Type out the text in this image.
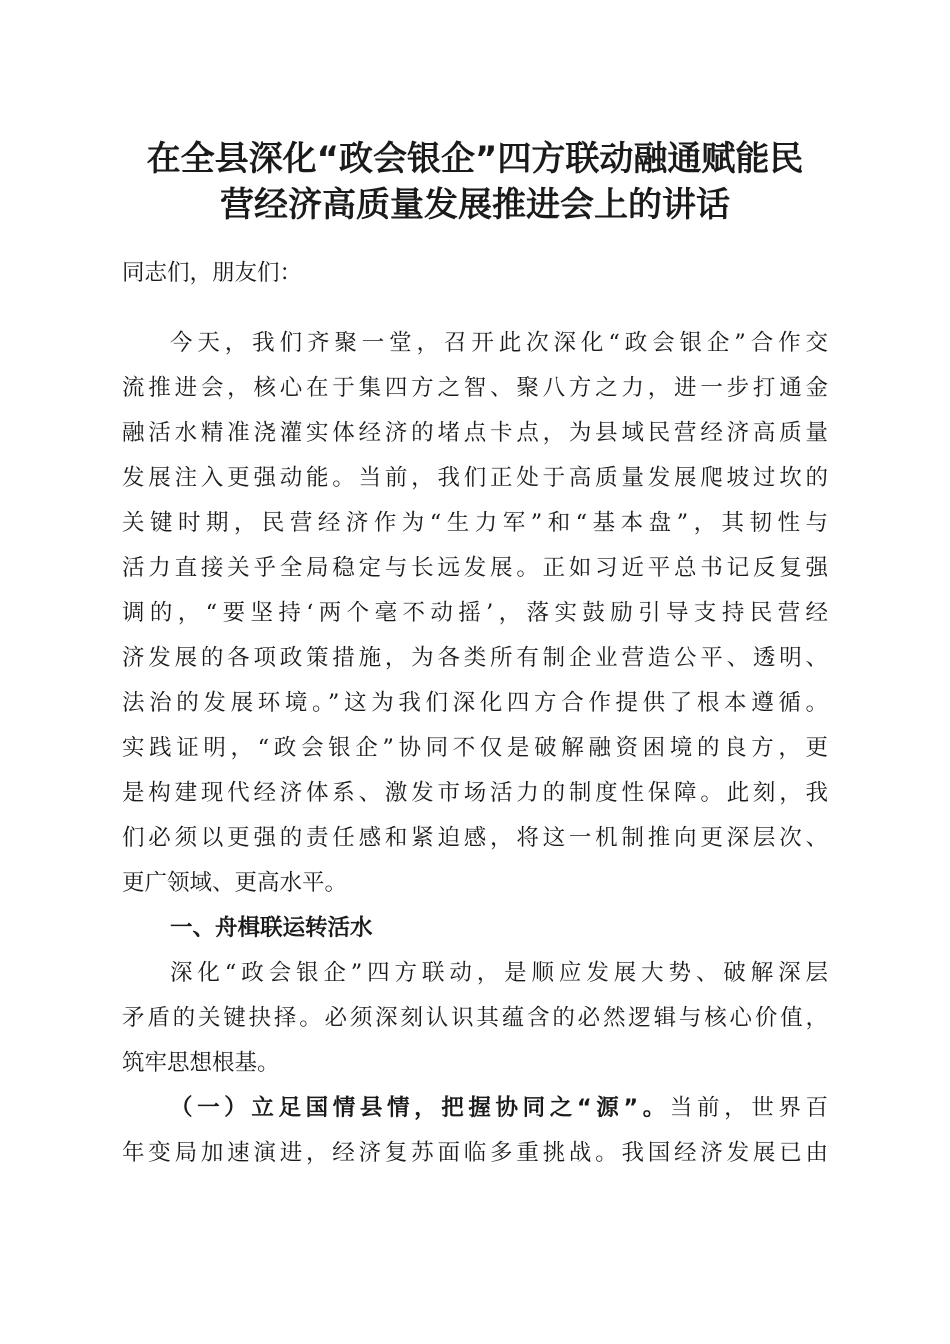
在全县深化“政会银企”四方联动融通赋能民
营经济高质量发展推进会上的讲话
同志们，朋友们：
今天，我们齐聚一堂，召开此次深化“政会银企”合作交
流推进会，核心在于集四方之智、聚八方之力，进一步打通金
融活水精准浇灌实体经济的堵点卡点，为县域民营经济高质量
发展注入更强动能。当前，我们正处于高质量发展爬坡过坎的
关键时期，民营经济作为“生力军”和“基本盘”，其韧性与
活力直接关乎全局稳定与长远发展。正如习近平总书记反复强
调的，“要坚持‘两个毫不动摇’，落实鼓励引导支持民营经
济发展的各项政策措施，为各类所有制企业营造公平、透明、
法治的发展环境。”这为我们深化四方合作提供了根本遵循。
实践证明，“政会银企”协同不仅是破解融资困境的良方，更
是构建现代经济体系、激发市场活力的制度性保障。此刻，我
们必须以更强的责任感和紧迫感，将这一机制推向更深层次、
更广领域、更高水平。
一、舟楫联运转活水
深化“政会银企”四方联动，是顺应发展大势、破解深层
矛盾的关键抉择。必须深刻认识其蕴含的必然逻辑与核心价值，
筑牢思想根基。
（一）立足国情县情，把握协同之“源”。当前，世界百
年变局加速演进，经济复苏面临多重挑战。我国经济发展已由
